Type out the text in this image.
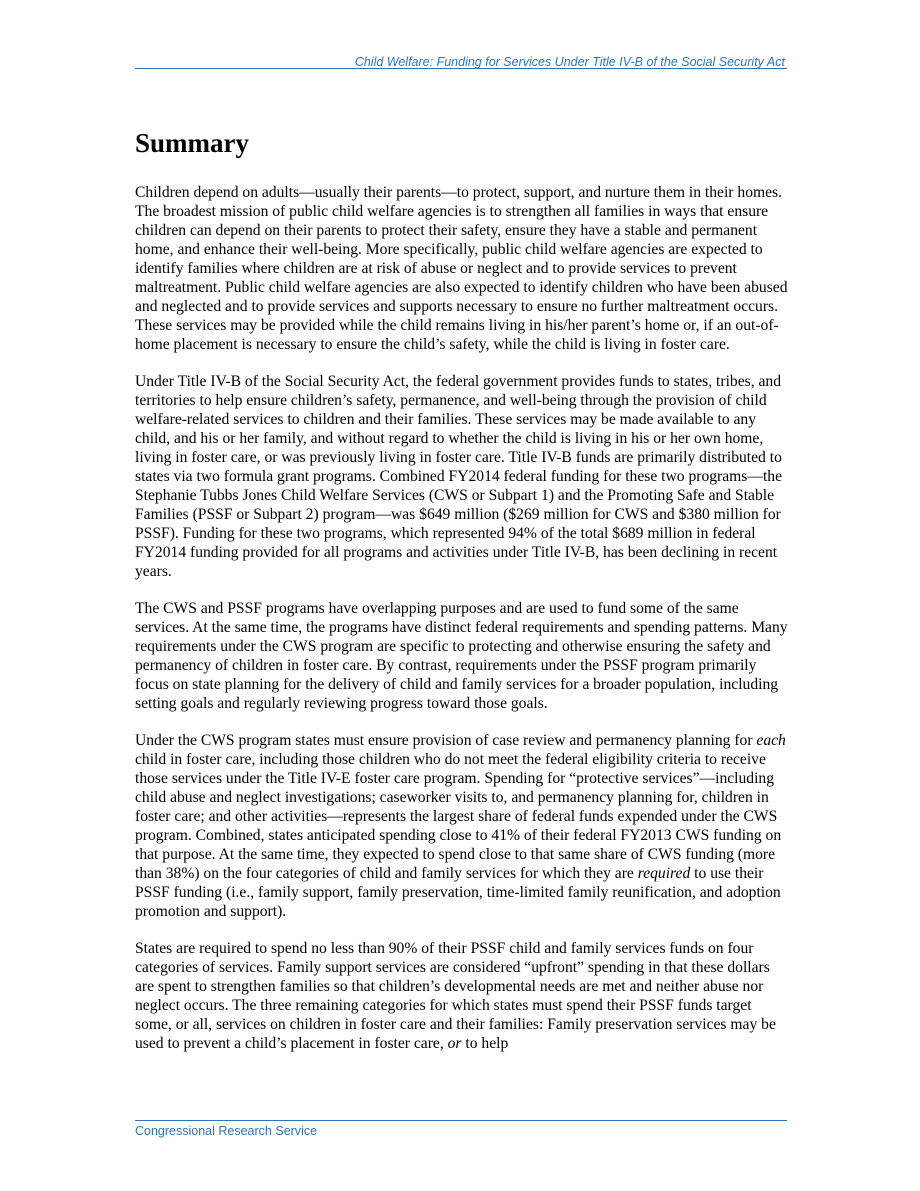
Child Welfare: Funding for Services Under Title IV-B of the Social Security Act
Summary

Children depend on adults—usually their parents—to protect, support, and nurture them in their homes. The broadest mission of public child welfare agencies is to strengthen all families in ways that ensure children can depend on their parents to protect their safety, ensure they have a stable and permanent home, and enhance their well-being. More specifically, public child welfare agencies are expected to identify families where children are at risk of abuse or neglect and to provide services to prevent maltreatment. Public child welfare agencies are also expected to identify children who have been abused and neglected and to provide services and supports necessary to ensure no further maltreatment occurs. These services may be provided while the child remains living in his/her parent’s home or, if an out-of-home placement is necessary to ensure the child’s safety, while the child is living in foster care.

Under Title IV-B of the Social Security Act, the federal government provides funds to states, tribes, and territories to help ensure children’s safety, permanence, and well-being through the provision of child welfare-related services to children and their families. These services may be made available to any child, and his or her family, and without regard to whether the child is living in his or her own home, living in foster care, or was previously living in foster care. Title IV-B funds are primarily distributed to states via two formula grant programs. Combined FY2014 federal funding for these two programs—the Stephanie Tubbs Jones Child Welfare Services (CWS or Subpart 1) and the Promoting Safe and Stable Families (PSSF or Subpart 2) program—was $649 million ($269 million for CWS and $380 million for PSSF). Funding for these two programs, which represented 94% of the total $689 million in federal FY2014 funding provided for all programs and activities under Title IV-B, has been declining in recent years.

The CWS and PSSF programs have overlapping purposes and are used to fund some of the same services. At the same time, the programs have distinct federal requirements and spending patterns. Many requirements under the CWS program are specific to protecting and otherwise ensuring the safety and permanency of children in foster care. By contrast, requirements under the PSSF program primarily focus on state planning for the delivery of child and family services for a broader population, including setting goals and regularly reviewing progress toward those goals.

Under the CWS program states must ensure provision of case review and permanency planning for each child in foster care, including those children who do not meet the federal eligibility criteria to receive those services under the Title IV-E foster care program. Spending for “protective services”—including child abuse and neglect investigations; caseworker visits to, and permanency planning for, children in foster care; and other activities—represents the largest share of federal funds expended under the CWS program. Combined, states anticipated spending close to 41% of their federal FY2013 CWS funding on that purpose. At the same time, they expected to spend close to that same share of CWS funding (more than 38%) on the four categories of child and family services for which they are required to use their PSSF funding (i.e., family support, family preservation, time-limited family reunification, and adoption promotion and support).

States are required to spend no less than 90% of their PSSF child and family services funds on four categories of services. Family support services are considered “upfront” spending in that these dollars are spent to strengthen families so that children’s developmental needs are met and neither abuse nor neglect occurs. The three remaining categories for which states must spend their PSSF funds target some, or all, services on children in foster care and their families: Family preservation services may be used to prevent a child’s placement in foster care, or to help

Congressional Research Service
